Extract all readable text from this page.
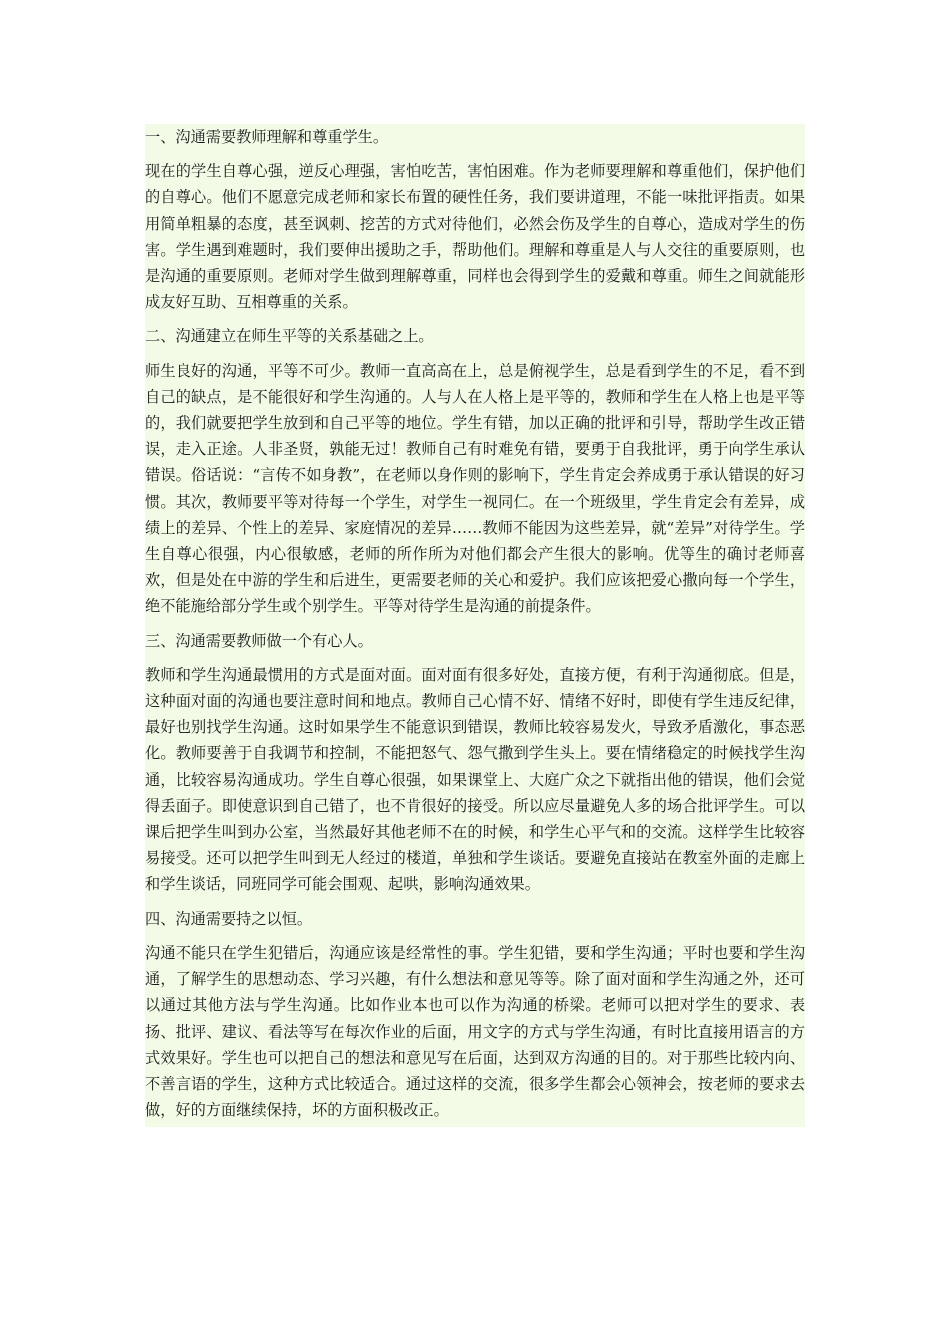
一、沟通需要教师理解和尊重学生。

现在的学生自尊心强，逆反心理强，害怕吃苦，害怕困难。作为老师要理解和尊重他们，保护他们的自尊心。他们不愿意完成老师和家长布置的硬性任务，我们要讲道理，不能一味批评指责。如果用简单粗暴的态度，甚至讽刺、挖苦的方式对待他们，必然会伤及学生的自尊心，造成对学生的伤害。学生遇到难题时，我们要伸出援助之手，帮助他们。理解和尊重是人与人交往的重要原则，也是沟通的重要原则。老师对学生做到理解尊重，同样也会得到学生的爱戴和尊重。师生之间就能形成友好互助、互相尊重的关系。

二、沟通建立在师生平等的关系基础之上。

师生良好的沟通，平等不可少。教师一直高高在上，总是俯视学生，总是看到学生的不足，看不到自己的缺点，是不能很好和学生沟通的。人与人在人格上是平等的，教师和学生在人格上也是平等的，我们就要把学生放到和自己平等的地位。学生有错，加以正确的批评和引导，帮助学生改正错误，走入正途。人非圣贤，孰能无过！教师自己有时难免有错，要勇于自我批评，勇于向学生承认错误。俗话说：“言传不如身教”，在老师以身作则的影响下，学生肯定会养成勇于承认错误的好习惯。其次，教师要平等对待每一个学生，对学生一视同仁。在一个班级里，学生肯定会有差异，成绩上的差异、个性上的差异、家庭情况的差异……教师不能因为这些差异，就“差异”对待学生。学生自尊心很强，内心很敏感，老师的所作所为对他们都会产生很大的影响。优等生的确讨老师喜欢，但是处在中游的学生和后进生，更需要老师的关心和爱护。我们应该把爱心撒向每一个学生，绝不能施给部分学生或个别学生。平等对待学生是沟通的前提条件。

三、沟通需要教师做一个有心人。

教师和学生沟通最惯用的方式是面对面。面对面有很多好处，直接方便，有利于沟通彻底。但是，这种面对面的沟通也要注意时间和地点。教师自己心情不好、情绪不好时，即使有学生违反纪律，最好也别找学生沟通。这时如果学生不能意识到错误，教师比较容易发火，导致矛盾激化，事态恶化。教师要善于自我调节和控制，不能把怒气、怨气撒到学生头上。要在情绪稳定的时候找学生沟通，比较容易沟通成功。学生自尊心很强，如果课堂上、大庭广众之下就指出他的错误，他们会觉得丢面子。即使意识到自己错了，也不肯很好的接受。所以应尽量避免人多的场合批评学生。可以课后把学生叫到办公室，当然最好其他老师不在的时候，和学生心平气和的交流。这样学生比较容易接受。还可以把学生叫到无人经过的楼道，单独和学生谈话。要避免直接站在教室外面的走廊上和学生谈话，同班同学可能会围观、起哄，影响沟通效果。

四、沟通需要持之以恒。

沟通不能只在学生犯错后，沟通应该是经常性的事。学生犯错，要和学生沟通；平时也要和学生沟通，了解学生的思想动态、学习兴趣，有什么想法和意见等等。除了面对面和学生沟通之外，还可以通过其他方法与学生沟通。比如作业本也可以作为沟通的桥梁。老师可以把对学生的要求、表扬、批评、建议、看法等写在每次作业的后面，用文字的方式与学生沟通，有时比直接用语言的方式效果好。学生也可以把自己的想法和意见写在后面，达到双方沟通的目的。对于那些比较内向、不善言语的学生，这种方式比较适合。通过这样的交流，很多学生都会心领神会，按老师的要求去做，好的方面继续保持，坏的方面积极改正。
